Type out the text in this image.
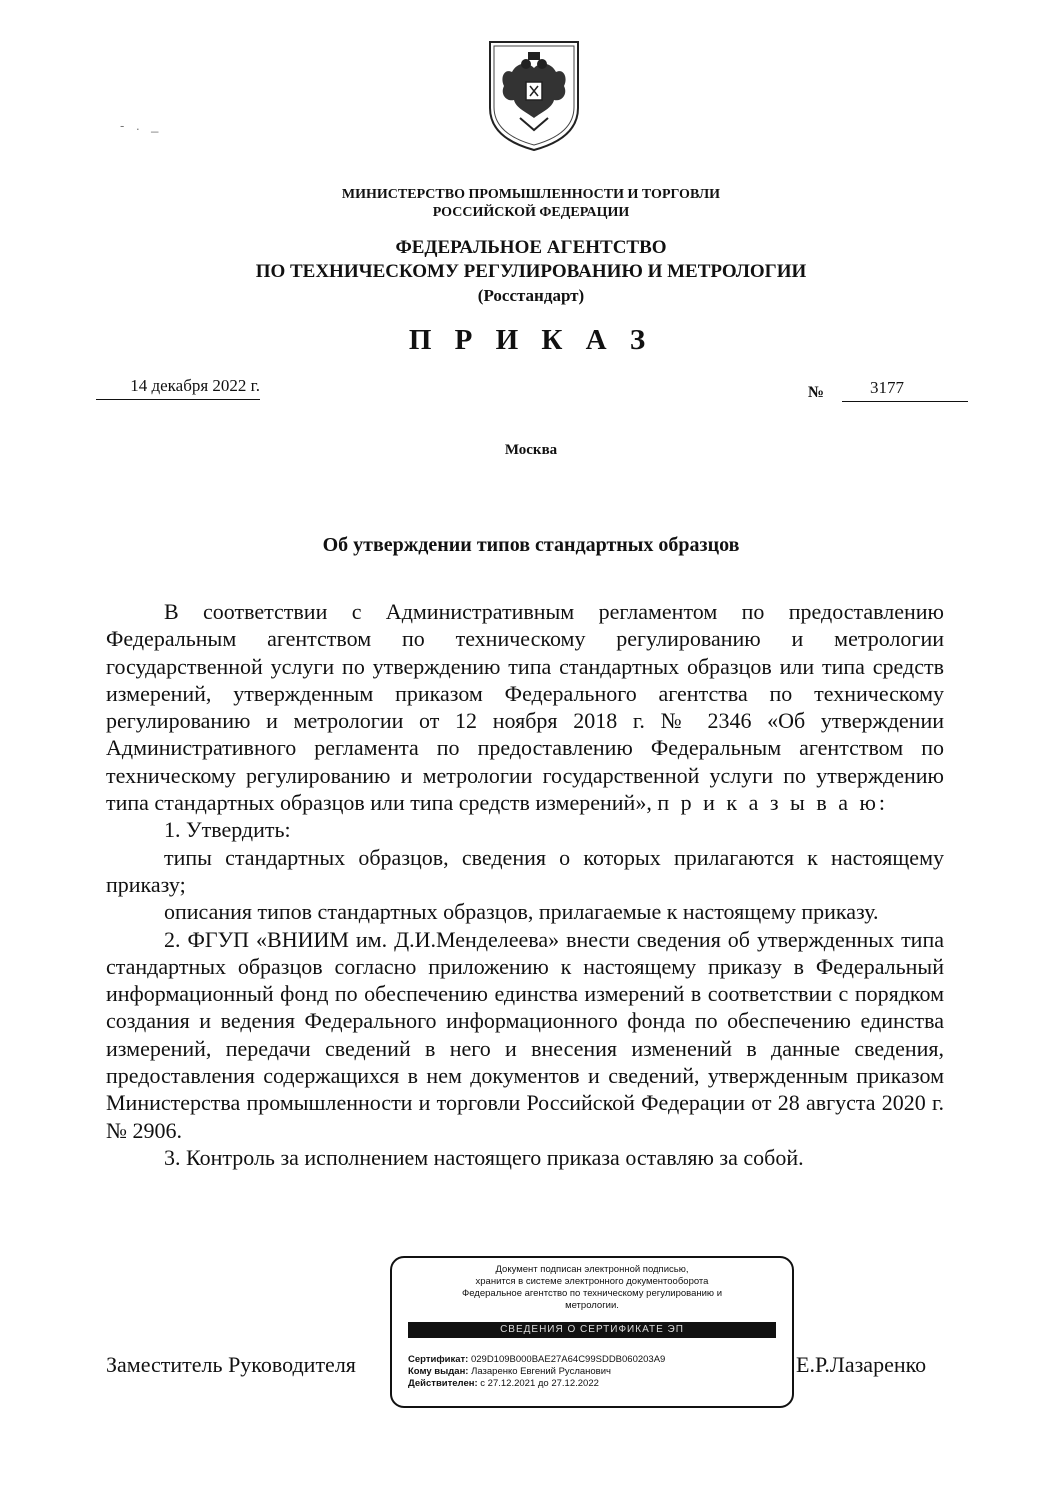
- . _
МИНИСТЕРСТВО ПРОМЫШЛЕННОСТИ И ТОРГОВЛИ
РОССИЙСКОЙ ФЕДЕРАЦИИ
ФЕДЕРАЛЬНОЕ АГЕНТСТВО
ПО ТЕХНИЧЕСКОМУ РЕГУЛИРОВАНИЮ И МЕТРОЛОГИИ
(Росстандарт)
П Р И К А З
14 декабря 2022 г.	№	3177
Москва
Об утверждении типов стандартных образцов

В соответствии с Административным регламентом по предоставлению Федеральным агентством по техническому регулированию и метрологии государственной услуги по утверждению типа стандартных образцов или типа средств измерений, утвержденным приказом Федерального агентства по техническому регулированию и метрологии от 12 ноября 2018 г. № 2346 «Об утверждении Административного регламента по предоставлению Федеральным агентством по техническому регулированию и метрологии государственной услуги по утверждению типа стандартных образцов или типа средств измерений», п р и к а з ы в а ю:

1. Утвердить:

типы стандартных образцов, сведения о которых прилагаются к настоящему приказу;

описания типов стандартных образцов, прилагаемые к настоящему приказу.

2. ФГУП «ВНИИМ им. Д.И.Менделеева» внести сведения об утвержденных типа стандартных образцов согласно приложению к настоящему приказу в Федеральный информационный фонд по обеспечению единства измерений в соответствии с порядком создания и ведения Федерального информационного фонда по обеспечению единства измерений, передачи сведений в него и внесения изменений в данные сведения, предоставления содержащихся в нем документов и сведений, утвержденным приказом Министерства промышленности и торговли Российской Федерации от 28 августа 2020 г. № 2906.

3. Контроль за исполнением настоящего приказа оставляю за собой.

Заместитель Руководителя	Е.Р.Лазаренко
Документ подписан электронной подписью,
хранится в системе электронного документооборота
Федеральное агентство по техническому регулированию и
метрологии.
СВЕДЕНИЯ О СЕРТИФИКАТЕ ЭП
Сертификат: 029D109B000BAE27A64C99SDDB060203A9
Кому выдан: Лазаренко Евгений Русланович
Действителен: с 27.12.2021 до 27.12.2022
